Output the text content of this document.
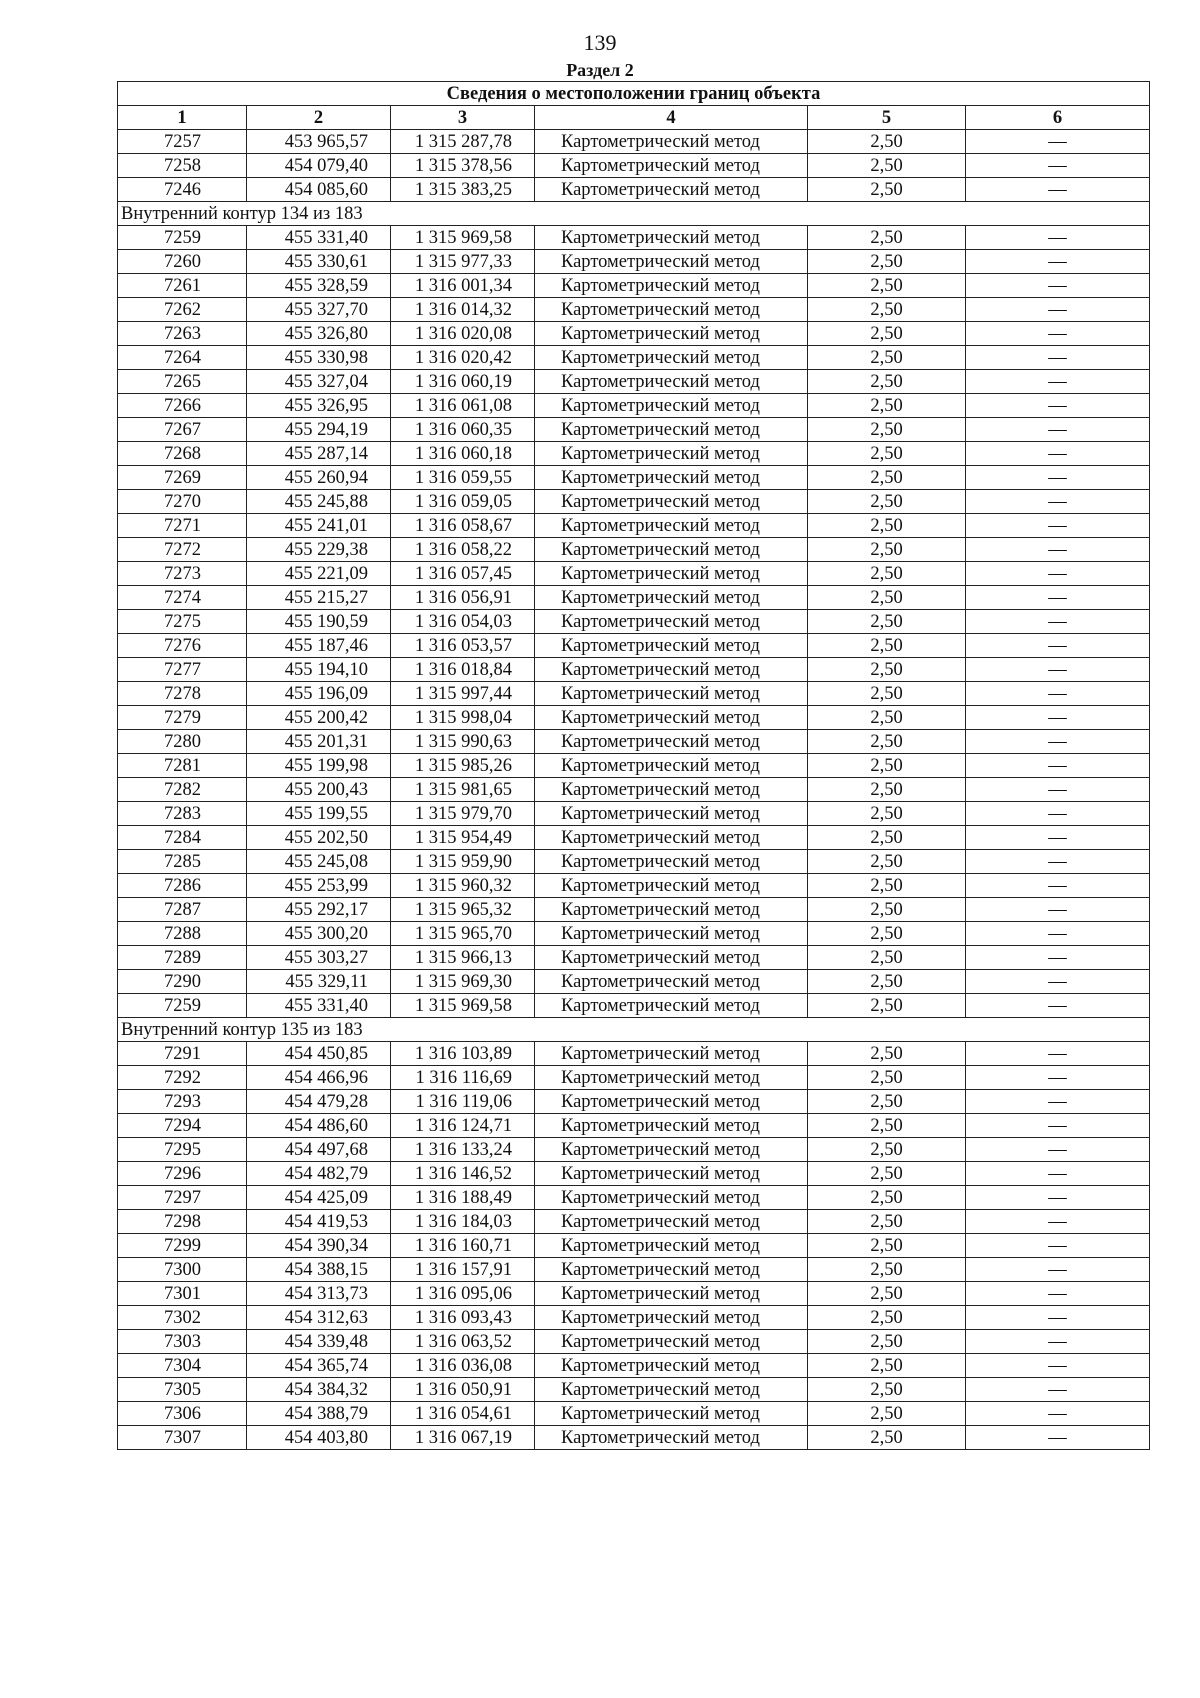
139
Раздел 2
Сведения о местоположении границ объекта					
1	2	3	4	5	6
7257	453 965,57	1 315 287,78	Картометрический метод	2,50	—
7258	454 079,40	1 315 378,56	Картометрический метод	2,50	—
7246	454 085,60	1 315 383,25	Картометрический метод	2,50	—
Внутренний контур 134 из 183					
7259	455 331,40	1 315 969,58	Картометрический метод	2,50	—
7260	455 330,61	1 315 977,33	Картометрический метод	2,50	—
7261	455 328,59	1 316 001,34	Картометрический метод	2,50	—
7262	455 327,70	1 316 014,32	Картометрический метод	2,50	—
7263	455 326,80	1 316 020,08	Картометрический метод	2,50	—
7264	455 330,98	1 316 020,42	Картометрический метод	2,50	—
7265	455 327,04	1 316 060,19	Картометрический метод	2,50	—
7266	455 326,95	1 316 061,08	Картометрический метод	2,50	—
7267	455 294,19	1 316 060,35	Картометрический метод	2,50	—
7268	455 287,14	1 316 060,18	Картометрический метод	2,50	—
7269	455 260,94	1 316 059,55	Картометрический метод	2,50	—
7270	455 245,88	1 316 059,05	Картометрический метод	2,50	—
7271	455 241,01	1 316 058,67	Картометрический метод	2,50	—
7272	455 229,38	1 316 058,22	Картометрический метод	2,50	—
7273	455 221,09	1 316 057,45	Картометрический метод	2,50	—
7274	455 215,27	1 316 056,91	Картометрический метод	2,50	—
7275	455 190,59	1 316 054,03	Картометрический метод	2,50	—
7276	455 187,46	1 316 053,57	Картометрический метод	2,50	—
7277	455 194,10	1 316 018,84	Картометрический метод	2,50	—
7278	455 196,09	1 315 997,44	Картометрический метод	2,50	—
7279	455 200,42	1 315 998,04	Картометрический метод	2,50	—
7280	455 201,31	1 315 990,63	Картометрический метод	2,50	—
7281	455 199,98	1 315 985,26	Картометрический метод	2,50	—
7282	455 200,43	1 315 981,65	Картометрический метод	2,50	—
7283	455 199,55	1 315 979,70	Картометрический метод	2,50	—
7284	455 202,50	1 315 954,49	Картометрический метод	2,50	—
7285	455 245,08	1 315 959,90	Картометрический метод	2,50	—
7286	455 253,99	1 315 960,32	Картометрический метод	2,50	—
7287	455 292,17	1 315 965,32	Картометрический метод	2,50	—
7288	455 300,20	1 315 965,70	Картометрический метод	2,50	—
7289	455 303,27	1 315 966,13	Картометрический метод	2,50	—
7290	455 329,11	1 315 969,30	Картометрический метод	2,50	—
7259	455 331,40	1 315 969,58	Картометрический метод	2,50	—
Внутренний контур 135 из 183					
7291	454 450,85	1 316 103,89	Картометрический метод	2,50	—
7292	454 466,96	1 316 116,69	Картометрический метод	2,50	—
7293	454 479,28	1 316 119,06	Картометрический метод	2,50	—
7294	454 486,60	1 316 124,71	Картометрический метод	2,50	—
7295	454 497,68	1 316 133,24	Картометрический метод	2,50	—
7296	454 482,79	1 316 146,52	Картометрический метод	2,50	—
7297	454 425,09	1 316 188,49	Картометрический метод	2,50	—
7298	454 419,53	1 316 184,03	Картометрический метод	2,50	—
7299	454 390,34	1 316 160,71	Картометрический метод	2,50	—
7300	454 388,15	1 316 157,91	Картометрический метод	2,50	—
7301	454 313,73	1 316 095,06	Картометрический метод	2,50	—
7302	454 312,63	1 316 093,43	Картометрический метод	2,50	—
7303	454 339,48	1 316 063,52	Картометрический метод	2,50	—
7304	454 365,74	1 316 036,08	Картометрический метод	2,50	—
7305	454 384,32	1 316 050,91	Картометрический метод	2,50	—
7306	454 388,79	1 316 054,61	Картометрический метод	2,50	—
7307	454 403,80	1 316 067,19	Картометрический метод	2,50	—
